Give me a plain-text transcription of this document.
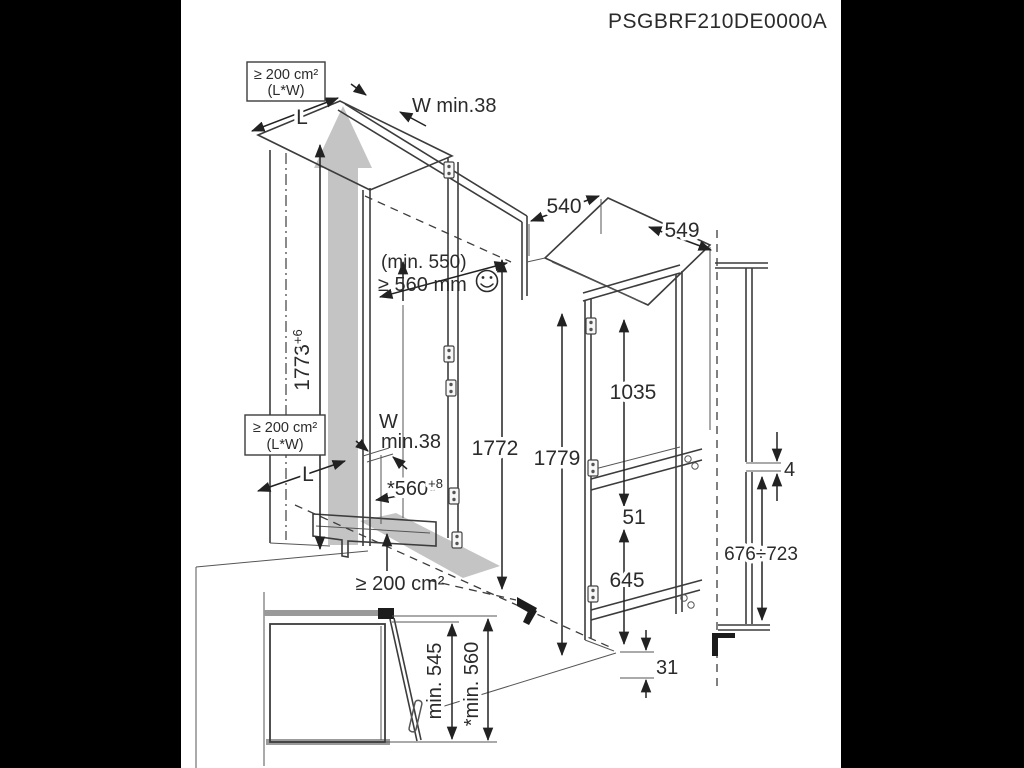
PSGBRF210DE0000A
≥ 200 cm²
(L*W)
≥ 200 cm²
(L*W)
L
L
W min.38
W
min.38
(min. 550)
≥ 560 mm
$1773^{+6}$
$*560^{+8}$
540
549
1772 1779
1035
51
645
31
4
676÷723
≥ 200 cm²
min. 545 *min. 560
